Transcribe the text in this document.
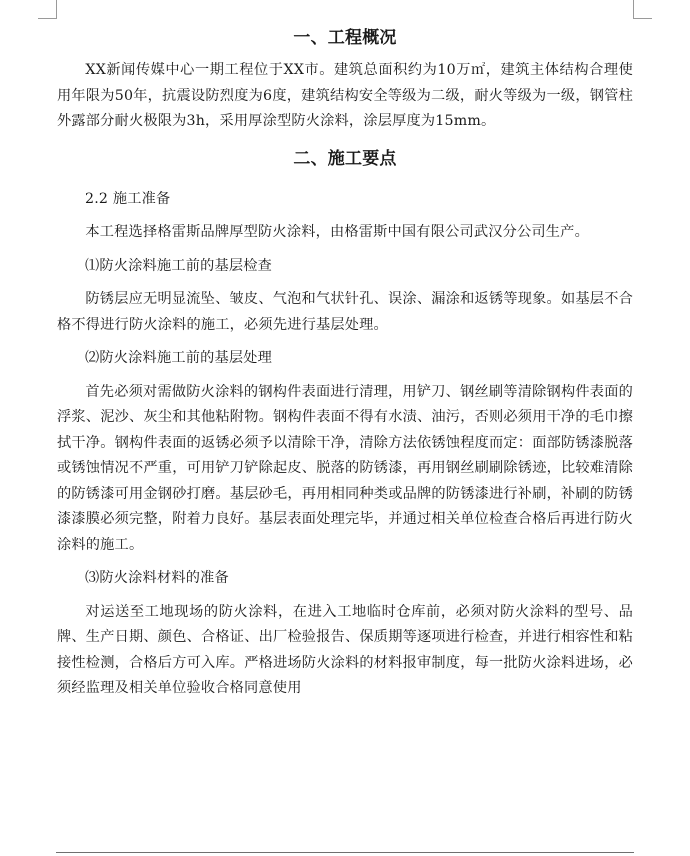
一、工程概况

XX新闻传媒中心一期工程位于XX市。建筑总面积约为10万㎡，建筑主体结构合理使用年限为50年，抗震设防烈度为6度，建筑结构安全等级为二级，耐火等级为一级，钢管柱外露部分耐火极限为3h，采用厚涂型防火涂料，涂层厚度为15mm。

二、施工要点

2.2 施工准备

本工程选择格雷斯品牌厚型防火涂料，由格雷斯中国有限公司武汉分公司生产。

⑴防火涂料施工前的基层检查

防锈层应无明显流坠、皱皮、气泡和气状针孔、误涂、漏涂和返锈等现象。如基层不合格不得进行防火涂料的施工，必须先进行基层处理。

⑵防火涂料施工前的基层处理

首先必须对需做防火涂料的钢构件表面进行清理，用铲刀、钢丝刷等清除钢构件表面的浮浆、泥沙、灰尘和其他粘附物。钢构件表面不得有水渍、油污，否则必须用干净的毛巾擦拭干净。钢构件表面的返锈必须予以清除干净，清除方法依锈蚀程度而定：面部防锈漆脱落或锈蚀情况不严重，可用铲刀铲除起皮、脱落的防锈漆，再用钢丝刷刷除锈迹，比较难清除的防锈漆可用金钢砂打磨。基层砂毛，再用相同种类或品牌的防锈漆进行补刷，补刷的防锈漆漆膜必须完整，附着力良好。基层表面处理完毕，并通过相关单位检查合格后再进行防火涂料的施工。

⑶防火涂料材料的准备

对运送至工地现场的防火涂料，在进入工地临时仓库前，必须对防火涂料的型号、品牌、生产日期、颜色、合格证、出厂检验报告、保质期等逐项进行检查，并进行相容性和粘接性检测，合格后方可入库。严格进场防火涂料的材料报审制度，每一批防火涂料进场，必须经监理及相关单位验收合格同意使用
